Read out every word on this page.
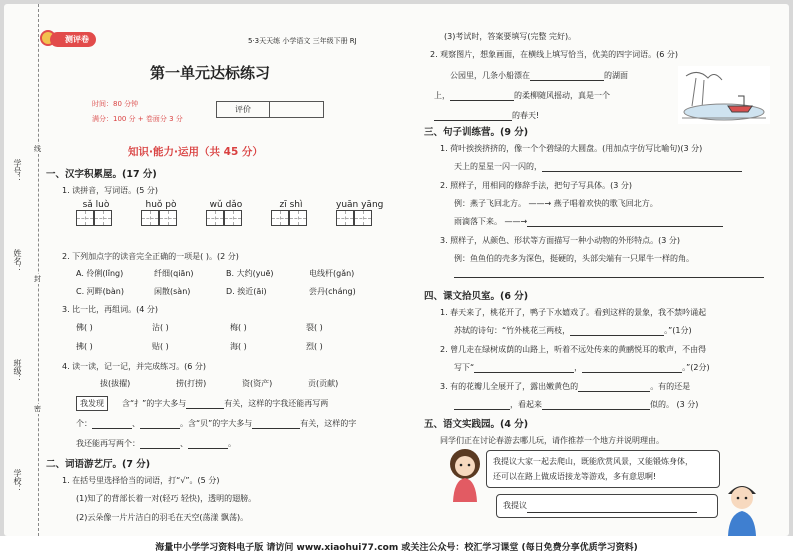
学号：
姓名：
班级：
学校：
线
封
密
测评卷	5·3天天练 小学语文 三年级下册 RJ
第一单元达标练习
时间：80 分钟
满分：100 分 + 卷面分 3 分
评价
知识·能力·运用（共 45 分）
一、汉字积累屋。(17 分)
1. 读拼音，写词语。(5 分)
sǎ luò	huǒ pò	wǔ dǎo	zī shì	yuān yāng
2. 下列加点字的读音完全正确的一项是( )。(2 分)
A. 伶俐(lǐng)	纤细(qiān)	B. 大约(yuē)	电线杆(gǎn)
C. 河畔(bàn)	闲散(sàn)	D. 挨近(āi)	尝丹(cháng)
3. 比一比，再组词。(4 分)
佛( )	沾( )	梅( )	裂( )
拂( )	贴( )	海( )	烈( )
4. 读一读，记一记，并完成练习。(6 分)
拔(拔擢)	捞(打捞)	资(资产)	贡(贡献)
我发现	含“扌”的字大多与	有关，这样的字我还能再写两
个：	、	。含“贝”的字大多与	有关，这样的字
我还能再写两个：	、	。
二、词语游艺厅。(7 分)
1. 在括号里选择恰当的词语，打“√”。(5 分)
(1)知了的背部长着一对(轻巧 轻快)，透明的翅膀。
(2)云朵像一片片洁白的羽毛在天空(荡漾 飘荡)。
(3)考试时，答案要填写(完整 完好)。
2. 观察图片，想象画面，在横线上填写恰当，优美的四字词语。(6 分)
公园里，几条小船漂在	的湖面
上，	的柔柳随风摇动，真是一个
的春天!
三、句子训练营。(9 分)
1. 荷叶挨挨挤挤的，像一个个碧绿的大圆盘。(用加点字仿写比喻句)(3 分)
天上的星星一闪一闪的，
2. 照样子，用相同的修辞手法，把句子写具体。(3 分)
例：燕子飞回北方。 ——→ 燕子唱着欢快的歌飞回北方。
雨滴落下来。 ——→
3. 照样子，从颜色、形状等方面描写一种小动物的外形特点。(3 分)
例：鱼鱼伯的壳多为深色，挺硬的，头部尖端有一只犀牛一样的角。
四、课文拾贝室。(6 分)
1. 春天来了，桃花开了，鸭子下水嬉戏了。看到这样的景象，我不禁吟诵起
苏轼的诗句：“竹外桃花三两枝，	。”(1分)
2. 曾几走在绿树成荫的山路上，听着不远处传来的黄鹂悦耳的歌声，不由得
写下“	，	。”(2分)
3. 有的花瓣儿全展开了，露出嫩黄色的	。有的还是
，看起来	似的。 (3 分)
五、语文实践园。(4 分)
同学们正在讨论春游去哪儿玩，请作推荐一个地方并说明理由。
我提议大家一起去爬山，既能欣赏风景，又能锻炼身体，
还可以在路上做成语接龙等游戏，多有意思啊!
我提议
海量中小学学习资料电子版 请访问 www.xiaohui77.com 或关注公众号：校汇学习课堂 (每日免费分享优质学习资料)
